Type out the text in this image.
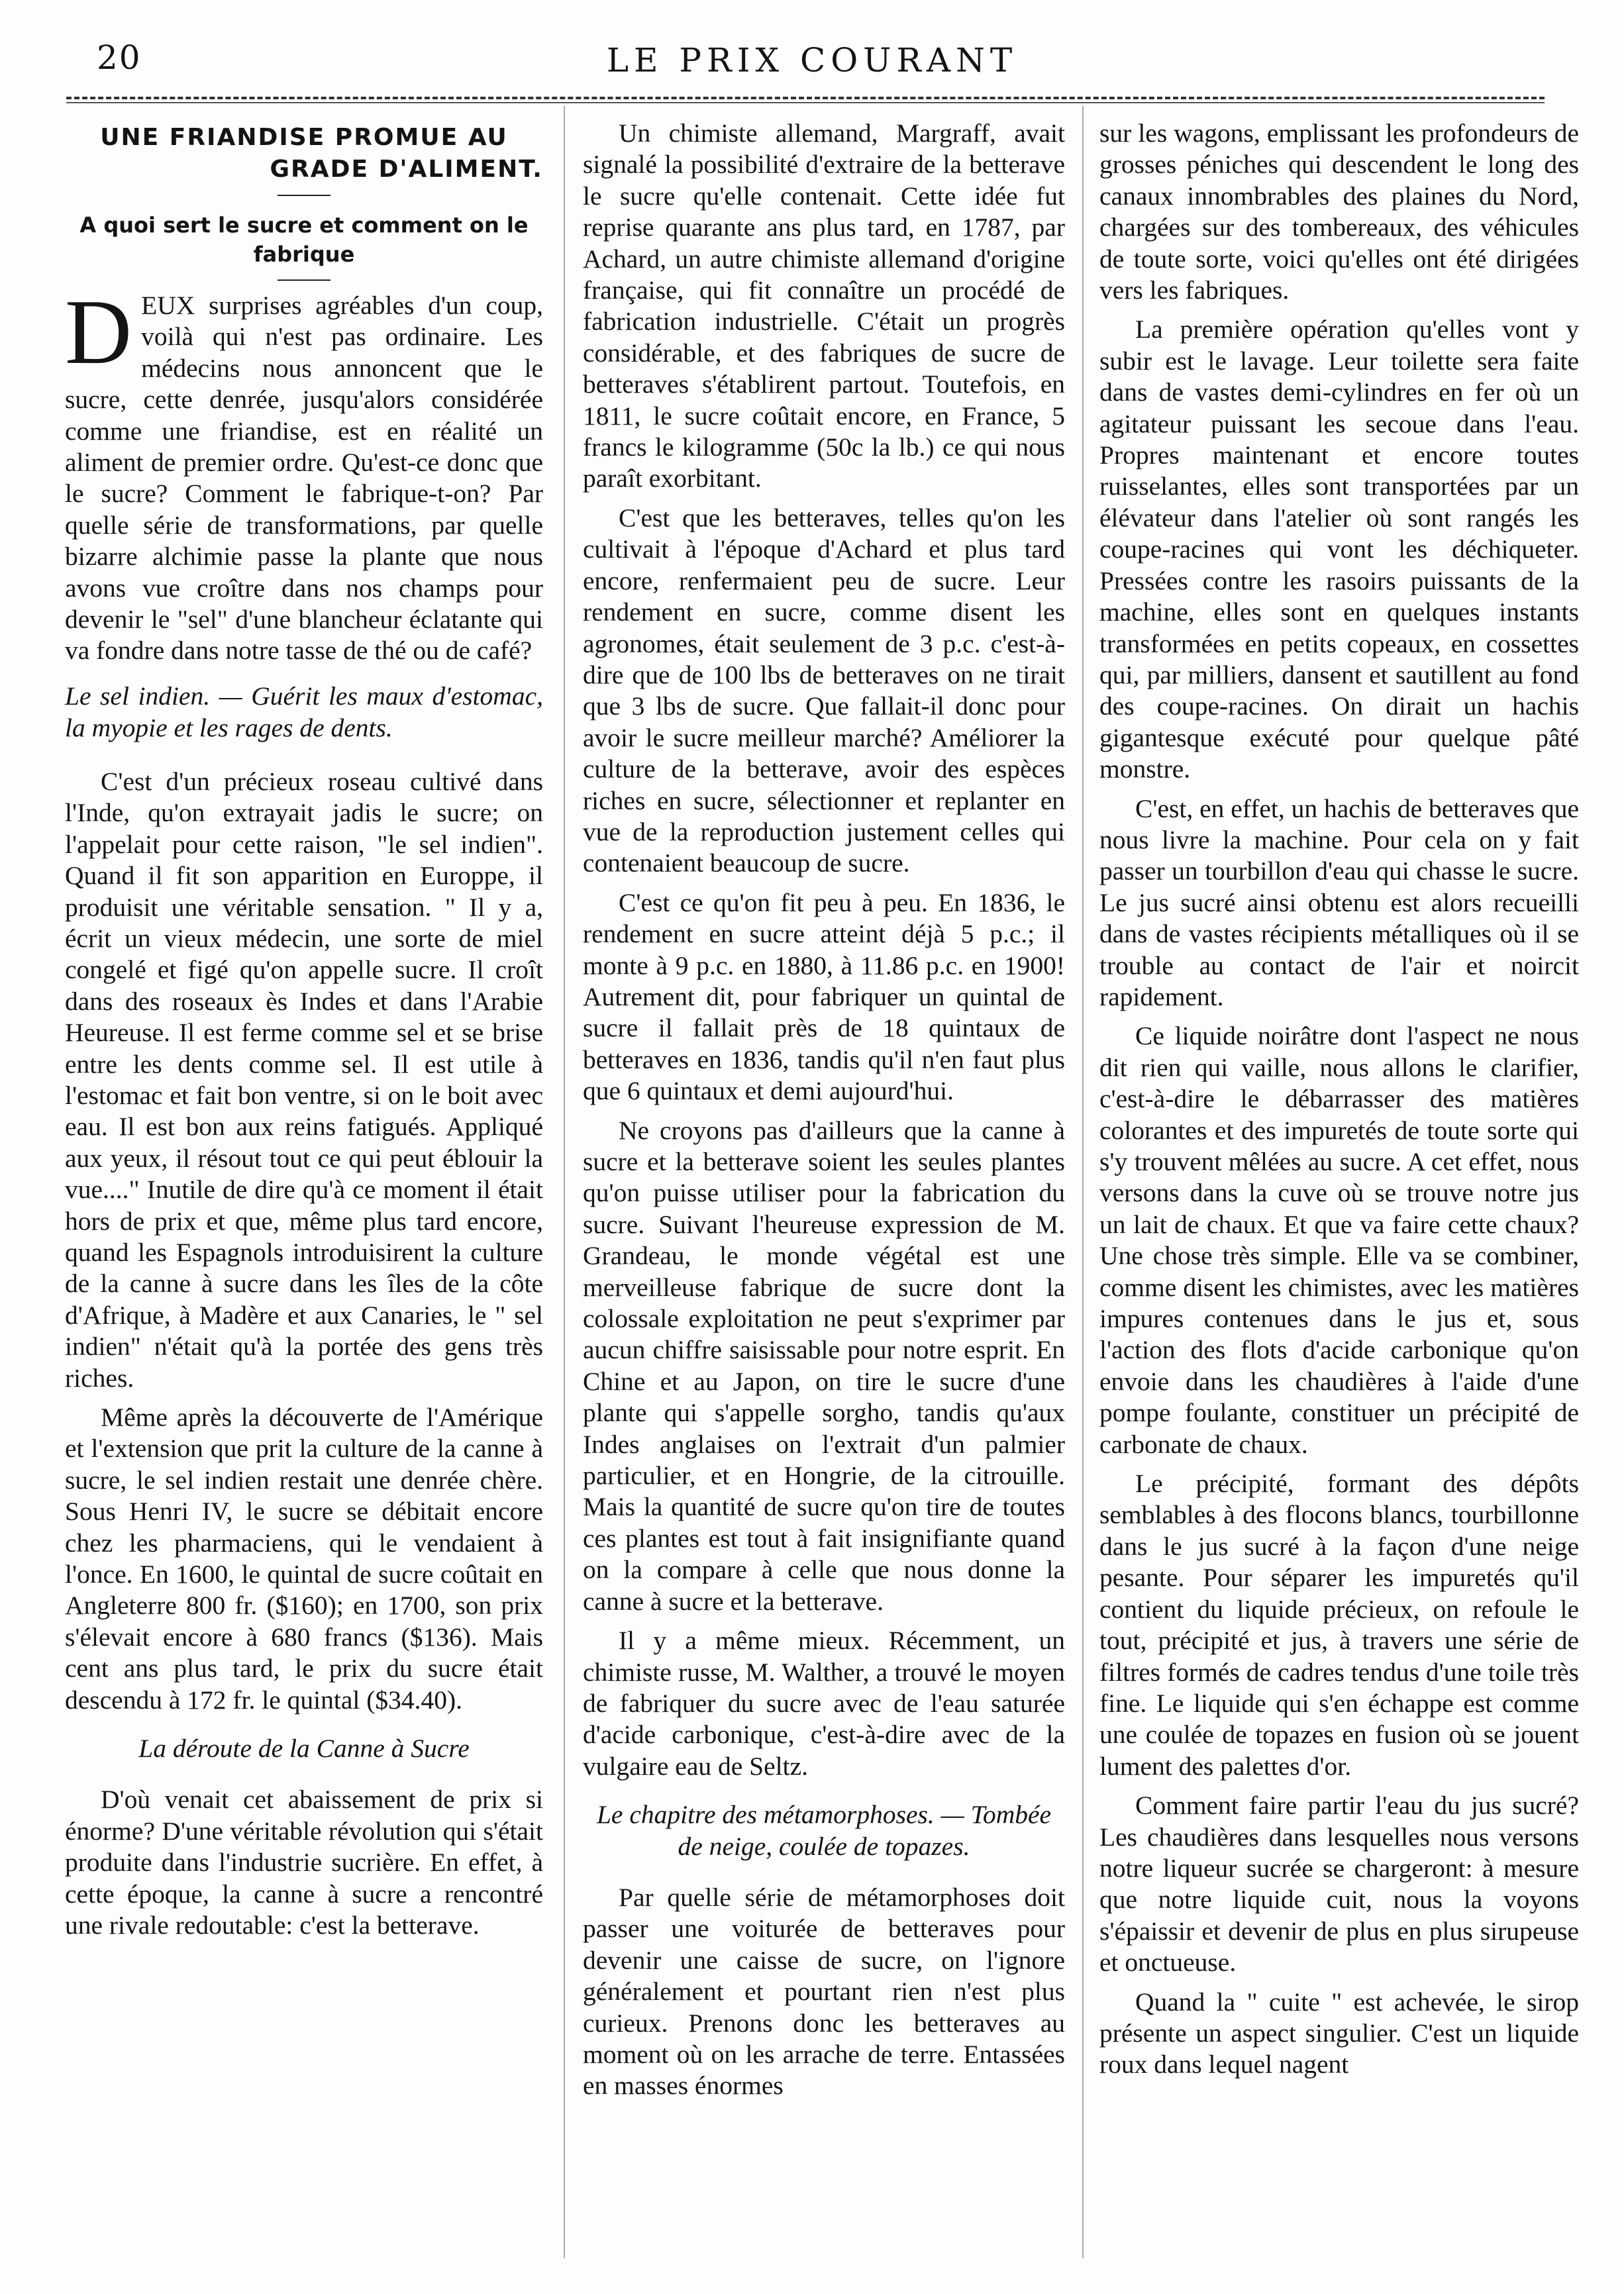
20	LE PRIX COURANT
UNE FRIANDISE PROMUE AU
GRADE D'ALIMENT.
A quoi sert le sucre et comment on le fabrique

DEUX surprises agréables d'un coup, voilà qui n'est pas ordinaire. Les médecins nous annoncent que le sucre, cette denrée, jusqu'alors considérée comme une friandise, est en réalité un aliment de premier ordre. Qu'est-ce donc que le sucre? Comment le fabrique-t-on? Par quelle série de transformations, par quelle bizarre alchimie passe la plante que nous avons vue croître dans nos champs pour devenir le "sel" d'une blancheur éclatante qui va fondre dans notre tasse de thé ou de café?

Le sel indien. — Guérit les maux d'estomac, la myopie et les rages de dents.

C'est d'un précieux roseau cultivé dans l'Inde, qu'on extrayait jadis le sucre; on l'appelait pour cette raison, "le sel indien". Quand il fit son apparition en Europpe, il produisit une véritable sensation. " Il y a, écrit un vieux médecin, une sorte de miel congelé et figé qu'on appelle sucre. Il croît dans des roseaux ès Indes et dans l'Arabie Heureuse. Il est ferme comme sel et se brise entre les dents comme sel. Il est utile à l'estomac et fait bon ventre, si on le boit avec eau. Il est bon aux reins fatigués. Appliqué aux yeux, il résout tout ce qui peut éblouir la vue...." Inutile de dire qu'à ce moment il était hors de prix et que, même plus tard encore, quand les Espagnols introduisirent la culture de la canne à sucre dans les îles de la côte d'Afrique, à Madère et aux Canaries, le " sel indien" n'était qu'à la portée des gens très riches.

Même après la découverte de l'Amérique et l'extension que prit la culture de la canne à sucre, le sel indien restait une denrée chère. Sous Henri IV, le sucre se débitait encore chez les pharmaciens, qui le vendaient à l'once. En 1600, le quintal de sucre coûtait en Angleterre 800 fr. ($160); en 1700, son prix s'élevait encore à 680 francs ($136). Mais cent ans plus tard, le prix du sucre était descendu à 172 fr. le quintal ($34.40).

La déroute de la Canne à Sucre

D'où venait cet abaissement de prix si énorme? D'une véritable révolution qui s'était produite dans l'industrie sucrière. En effet, à cette époque, la canne à sucre a rencontré une rivale redoutable: c'est la betterave.

Un chimiste allemand, Margraff, avait signalé la possibilité d'extraire de la betterave le sucre qu'elle contenait. Cette idée fut reprise quarante ans plus tard, en 1787, par Achard, un autre chimiste allemand d'origine française, qui fit connaître un procédé de fabrication industrielle. C'était un progrès considérable, et des fabriques de sucre de betteraves s'établirent partout. Toutefois, en 1811, le sucre coûtait encore, en France, 5 francs le kilogramme (50c la lb.) ce qui nous paraît exorbitant.

C'est que les betteraves, telles qu'on les cultivait à l'époque d'Achard et plus tard encore, renfermaient peu de sucre. Leur rendement en sucre, comme disent les agronomes, était seulement de 3 p.c. c'est-à-dire que de 100 lbs de betteraves on ne tirait que 3 lbs de sucre. Que fallait-il donc pour avoir le sucre meilleur marché? Améliorer la culture de la betterave, avoir des espèces riches en sucre, sélectionner et replanter en vue de la reproduction justement celles qui contenaient beaucoup de sucre.

C'est ce qu'on fit peu à peu. En 1836, le rendement en sucre atteint déjà 5 p.c.; il monte à 9 p.c. en 1880, à 11.86 p.c. en 1900! Autrement dit, pour fabriquer un quintal de sucre il fallait près de 18 quintaux de betteraves en 1836, tandis qu'il n'en faut plus que 6 quintaux et demi aujourd'hui.

Ne croyons pas d'ailleurs que la canne à sucre et la betterave soient les seules plantes qu'on puisse utiliser pour la fabrication du sucre. Suivant l'heureuse expression de M. Grandeau, le monde végétal est une merveilleuse fabrique de sucre dont la colossale exploitation ne peut s'exprimer par aucun chiffre saisissable pour notre esprit. En Chine et au Japon, on tire le sucre d'une plante qui s'appelle sorgho, tandis qu'aux Indes anglaises on l'extrait d'un palmier particulier, et en Hongrie, de la citrouille. Mais la quantité de sucre qu'on tire de toutes ces plantes est tout à fait insignifiante quand on la compare à celle que nous donne la canne à sucre et la betterave.

Il y a même mieux. Récemment, un chimiste russe, M. Walther, a trouvé le moyen de fabriquer du sucre avec de l'eau saturée d'acide carbonique, c'est-à-dire avec de la vulgaire eau de Seltz.

Le chapitre des métamorphoses. — Tombée de neige, coulée de topazes.

Par quelle série de métamorphoses doit passer une voiturée de betteraves pour devenir une caisse de sucre, on l'ignore généralement et pourtant rien n'est plus curieux. Prenons donc les betteraves au moment où on les arrache de terre. Entassées en masses énormes

sur les wagons, emplissant les profondeurs de grosses péniches qui descendent le long des canaux innombrables des plaines du Nord, chargées sur des tombereaux, des véhicules de toute sorte, voici qu'elles ont été dirigées vers les fabriques.

La première opération qu'elles vont y subir est le lavage. Leur toilette sera faite dans de vastes demi-cylindres en fer où un agitateur puissant les secoue dans l'eau. Propres maintenant et encore toutes ruisselantes, elles sont transportées par un élévateur dans l'atelier où sont rangés les coupe-racines qui vont les déchiqueter. Pressées contre les rasoirs puissants de la machine, elles sont en quelques instants transformées en petits copeaux, en cossettes qui, par milliers, dansent et sautillent au fond des coupe-racines. On dirait un hachis gigantesque exécuté pour quelque pâté monstre.

C'est, en effet, un hachis de betteraves que nous livre la machine. Pour cela on y fait passer un tourbillon d'eau qui chasse le sucre. Le jus sucré ainsi obtenu est alors recueilli dans de vastes récipients métalliques où il se trouble au contact de l'air et noircit rapidement.

Ce liquide noirâtre dont l'aspect ne nous dit rien qui vaille, nous allons le clarifier, c'est-à-dire le débarrasser des matières colorantes et des impuretés de toute sorte qui s'y trouvent mêlées au sucre. A cet effet, nous versons dans la cuve où se trouve notre jus un lait de chaux. Et que va faire cette chaux? Une chose très simple. Elle va se combiner, comme disent les chimistes, avec les matières impures contenues dans le jus et, sous l'action des flots d'acide carbonique qu'on envoie dans les chaudières à l'aide d'une pompe foulante, constituer un précipité de carbonate de chaux.

Le précipité, formant des dépôts semblables à des flocons blancs, tourbillonne dans le jus sucré à la façon d'une neige pesante. Pour séparer les impuretés qu'il contient du liquide précieux, on refoule le tout, précipité et jus, à travers une série de filtres formés de cadres tendus d'une toile très fine. Le liquide qui s'en échappe est comme une coulée de topazes en fusion où se jouent lument des palettes d'or.

Comment faire partir l'eau du jus sucré? Les chaudières dans lesquelles nous versons notre liqueur sucrée se chargeront: à mesure que notre liquide cuit, nous la voyons s'épaissir et devenir de plus en plus sirupeuse et onctueuse.

Quand la " cuite " est achevée, le sirop présente un aspect singulier. C'est un liquide roux dans lequel nagent
